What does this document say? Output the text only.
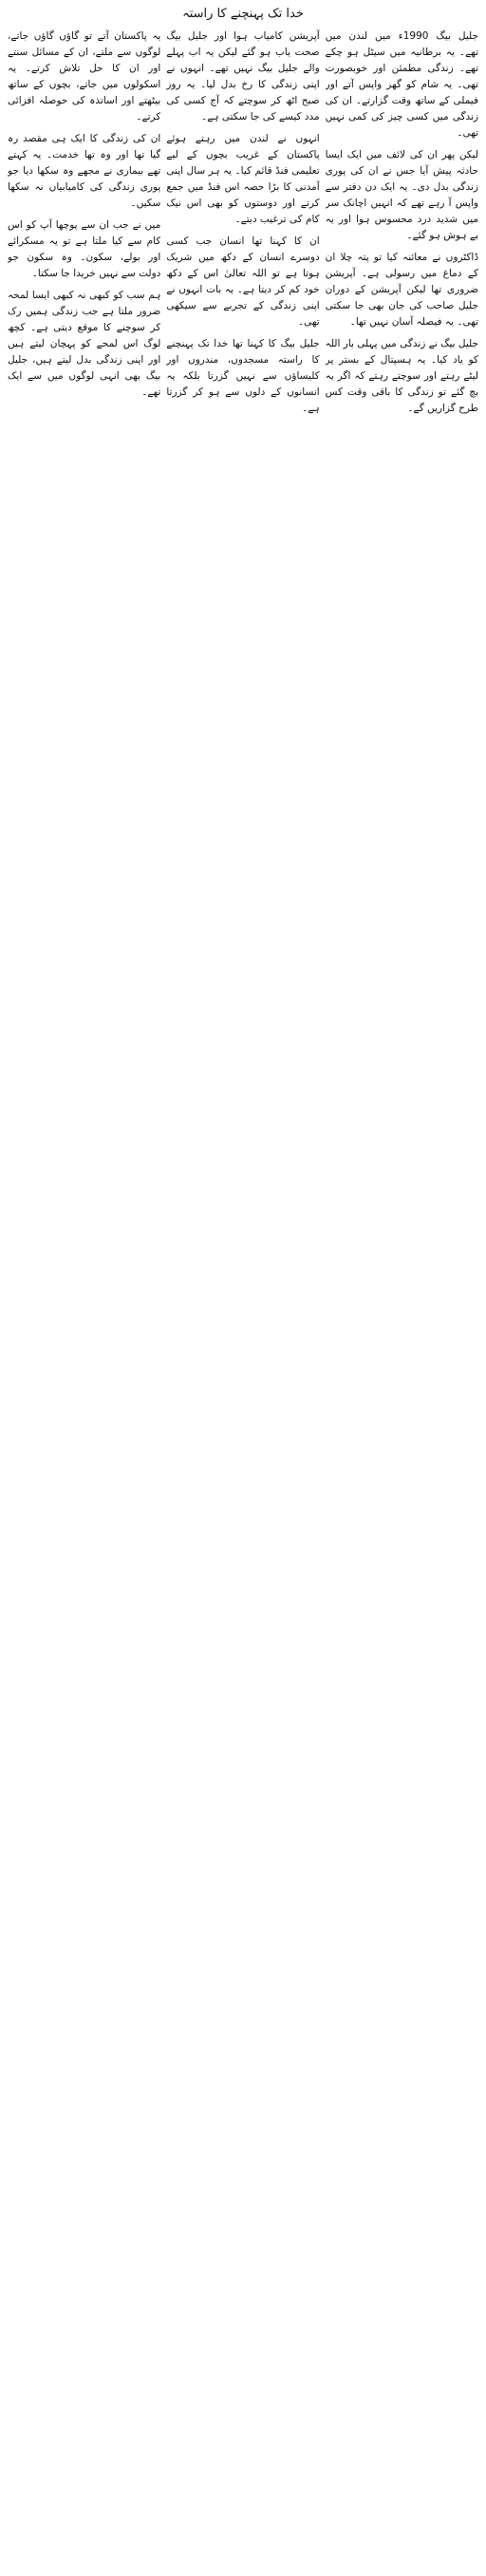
خدا تک پہنچنے کا راستہ

جلیل بیگ 1990ء میں لندن میں تھے۔ یہ برطانیہ میں سیٹل ہو چکے تھے۔ زندگی مطمئن اور خوبصورت تھی۔ یہ شام کو گھر واپس آتے اور فیملی کے ساتھ وقت گزارتے۔ ان کی زندگی میں کسی چیز کی کمی نہیں تھی۔

لیکن پھر ان کی لائف میں ایک ایسا حادثہ پیش آیا جس نے ان کی پوری زندگی بدل دی۔ یہ ایک دن دفتر سے واپس آ رہے تھے کہ انہیں اچانک سر میں شدید درد محسوس ہوا اور یہ بے ہوش ہو گئے۔

ڈاکٹروں نے معائنہ کیا تو پتہ چلا ان کے دماغ میں رسولی ہے۔ آپریشن ضروری تھا لیکن آپریشن کے دوران جلیل صاحب کی جان بھی جا سکتی تھی۔ یہ فیصلہ آسان نہیں تھا۔

جلیل بیگ نے زندگی میں پہلی بار اللہ کو یاد کیا۔ یہ ہسپتال کے بستر پر لیٹے رہتے اور سوچتے رہتے کہ اگر یہ بچ گئے تو زندگی کا باقی وقت کس طرح گزاریں گے۔

آپریشن کامیاب ہوا اور جلیل بیگ صحت یاب ہو گئے لیکن یہ اب پہلے والے جلیل بیگ نہیں تھے۔ انہوں نے اپنی زندگی کا رخ بدل لیا۔ یہ روز صبح اٹھ کر سوچتے کہ آج کسی کی مدد کیسے کی جا سکتی ہے۔

انہوں نے لندن میں رہتے ہوئے پاکستان کے غریب بچوں کے لیے تعلیمی فنڈ قائم کیا۔ یہ ہر سال اپنی آمدنی کا بڑا حصہ اس فنڈ میں جمع کرتے اور دوستوں کو بھی اس نیک کام کی ترغیب دیتے۔

ان کا کہنا تھا انسان جب کسی دوسرے انسان کے دکھ میں شریک ہوتا ہے تو اللہ تعالیٰ اس کے دکھ خود کم کر دیتا ہے۔ یہ بات انہوں نے اپنی زندگی کے تجربے سے سیکھی تھی۔

جلیل بیگ کا کہنا تھا خدا تک پہنچنے کا راستہ مسجدوں، مندروں اور کلیساؤں سے نہیں گزرتا بلکہ یہ انسانوں کے دلوں سے ہو کر گزرتا ہے۔

یہ پاکستان آتے تو گاؤں گاؤں جاتے، لوگوں سے ملتے، ان کے مسائل سنتے اور ان کا حل تلاش کرتے۔ یہ اسکولوں میں جاتے، بچوں کے ساتھ بیٹھتے اور اساتذہ کی حوصلہ افزائی کرتے۔

ان کی زندگی کا ایک ہی مقصد رہ گیا تھا اور وہ تھا خدمت۔ یہ کہتے تھے بیماری نے مجھے وہ سکھا دیا جو پوری زندگی کی کامیابیاں نہ سکھا سکیں۔

میں نے جب ان سے پوچھا آپ کو اس کام سے کیا ملتا ہے تو یہ مسکرائے اور بولے، سکون۔ وہ سکون جو دولت سے نہیں خریدا جا سکتا۔

ہم سب کو کبھی نہ کبھی ایسا لمحہ ضرور ملتا ہے جب زندگی ہمیں رک کر سوچنے کا موقع دیتی ہے۔ کچھ لوگ اس لمحے کو پہچان لیتے ہیں اور اپنی زندگی بدل لیتے ہیں، جلیل بیگ بھی انہی لوگوں میں سے ایک تھے۔
